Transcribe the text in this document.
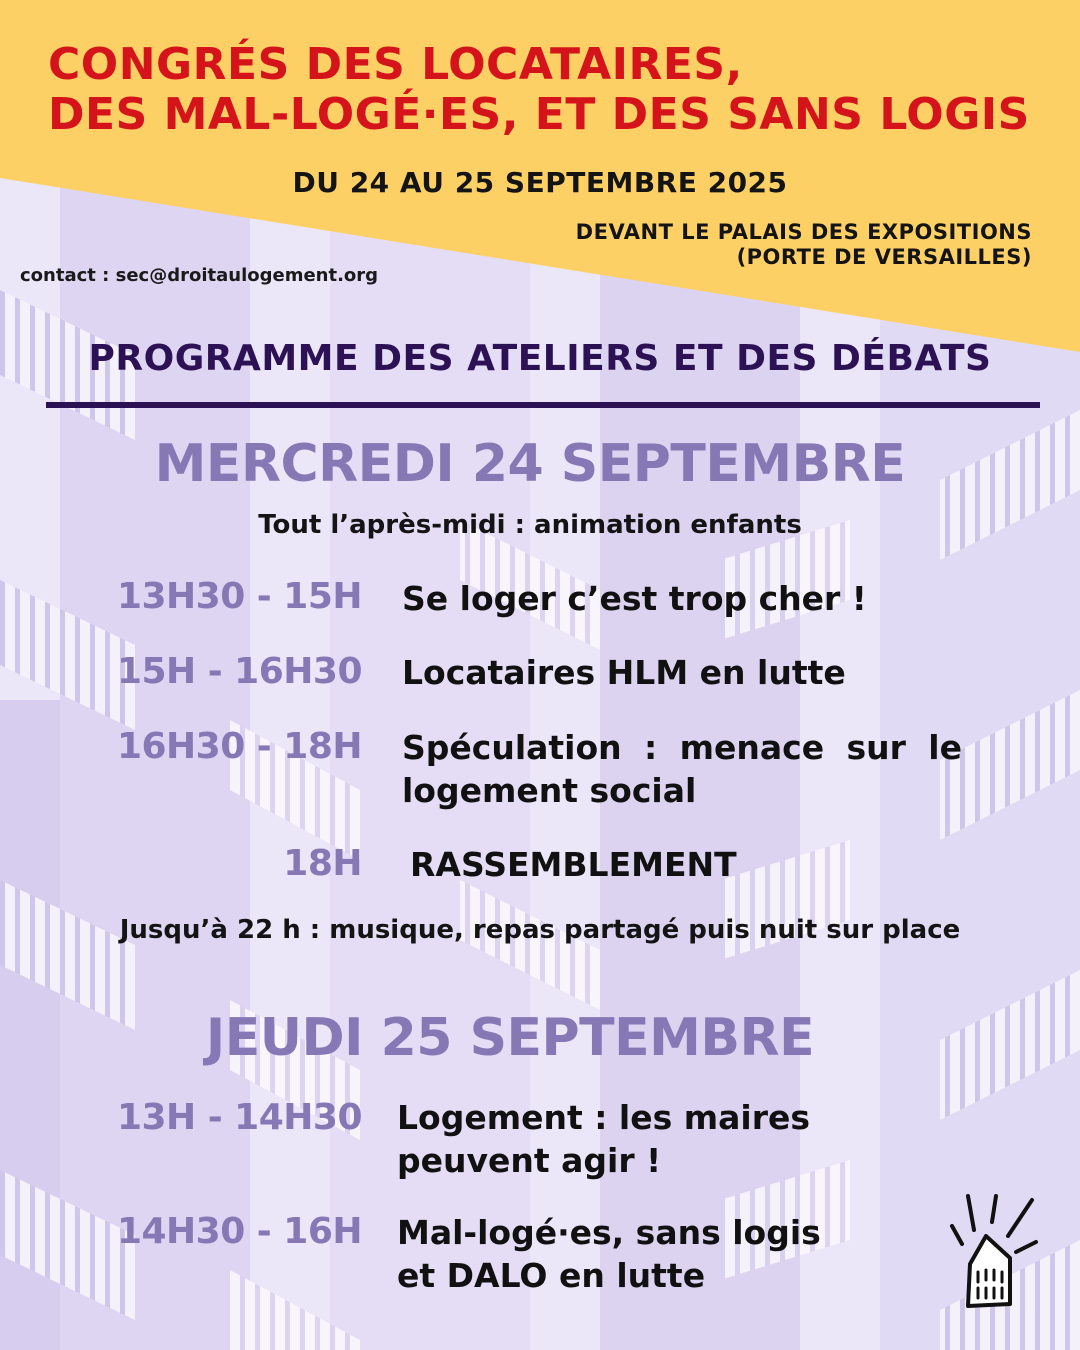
CONGRÉS DES LOCATAIRES,
DES MAL-LOGÉ·ES, ET DES SANS LOGIS
DU 24 AU 25 SEPTEMBRE 2025
DEVANT LE PALAIS DES EXPOSITIONS
(PORTE DE VERSAILLES)
contact : sec@droitaulogement.org
PROGRAMME DES ATELIERS ET DES DÉBATS
MERCREDI 24 SEPTEMBRE
Tout l’après-midi : animation enfants
13H30 - 15H Se loger c’est trop cher !
15H - 16H30 Locataires HLM en lutte
16H30 - 18H Spéculation : menace sur le logement social
18H RASSEMBLEMENT
Jusqu’à 22 h : musique, repas partagé puis nuit sur place
JEUDI 25 SEPTEMBRE
13H - 14H30 Logement : les maires
peuvent agir !
14H30 - 16H Mal-logé·es, sans logis
et DALO en lutte
